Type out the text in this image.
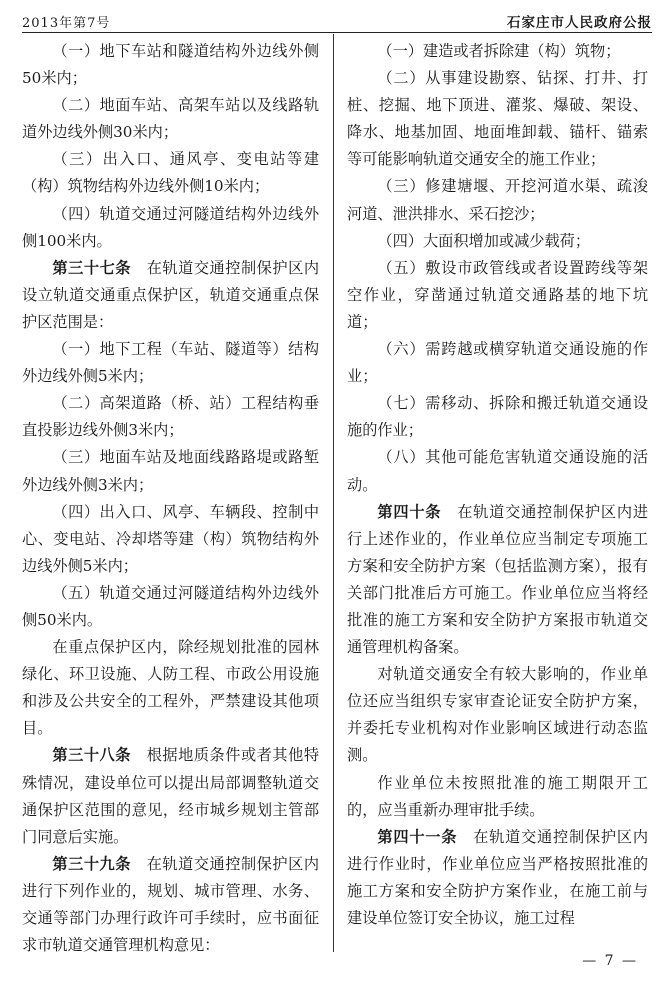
2013年第7号	石家庄市人民政府公报

（一）地下车站和隧道结构外边线外侧50米内；

（二）地面车站、高架车站以及线路轨道外边线外侧30米内；

（三）出入口、通风亭、变电站等建（构）筑物结构外边线外侧10米内；

（四）轨道交通过河隧道结构外边线外侧100米内。

第三十七条　 在轨道交通控制保护区内设立轨道交通重点保护区，轨道交通重点保护区范围是：

（一）地下工程（车站、隧道等）结构外边线外侧5米内；

（二）高架道路（桥、站）工程结构垂直投影边线外侧3米内；

（三）地面车站及地面线路路堤或路堑外边线外侧3米内；

（四）出入口、风亭、车辆段、控制中心、变电站、冷却塔等建（构）筑物结构外边线外侧5米内；

（五）轨道交通过河隧道结构外边线外侧50米内。

在重点保护区内，除经规划批准的园林绿化、环卫设施、人防工程、市政公用设施和涉及公共安全的工程外，严禁建设其他项目。

第三十八条　 根据地质条件或者其他特殊情况，建设单位可以提出局部调整轨道交通保护区范围的意见，经市城乡规划主管部门同意后实施。

第三十九条　 在轨道交通控制保护区内进行下列作业的，规划、城市管理、水务、交通等部门办理行政许可手续时，应书面征求市轨道交通管理机构意见：

（一）建造或者拆除建（构）筑物；

（二）从事建设勘察、钻探、打井、打桩、挖掘、地下顶进、灌浆、爆破、架设、降水、地基加固、地面堆卸载、锚杆、锚索等可能影响轨道交通安全的施工作业；

（三）修建塘堰、开挖河道水渠、疏浚河道、泄洪排水、采石挖沙；

（四）大面积增加或减少载荷；

（五）敷设市政管线或者设置跨线等架空作业，穿凿通过轨道交通路基的地下坑道；

（六）需跨越或横穿轨道交通设施的作业；

（七）需移动、拆除和搬迁轨道交通设施的作业；

（八）其他可能危害轨道交通设施的活动。

第四十条　 在轨道交通控制保护区内进行上述作业的，作业单位应当制定专项施工方案和安全防护方案（包括监测方案），报有关部门批准后方可施工。作业单位应当将经批准的施工方案和安全防护方案报市轨道交通管理机构备案。

对轨道交通安全有较大影响的，作业单位还应当组织专家审查论证安全防护方案，并委托专业机构对作业影响区域进行动态监测。

作业单位未按照批准的施工期限开工的，应当重新办理审批手续。

第四十一条　 在轨道交通控制保护区内进行作业时，作业单位应当严格按照批准的施工方案和安全防护方案作业，在施工前与建设单位签订安全协议，施工过程

— 7 —
